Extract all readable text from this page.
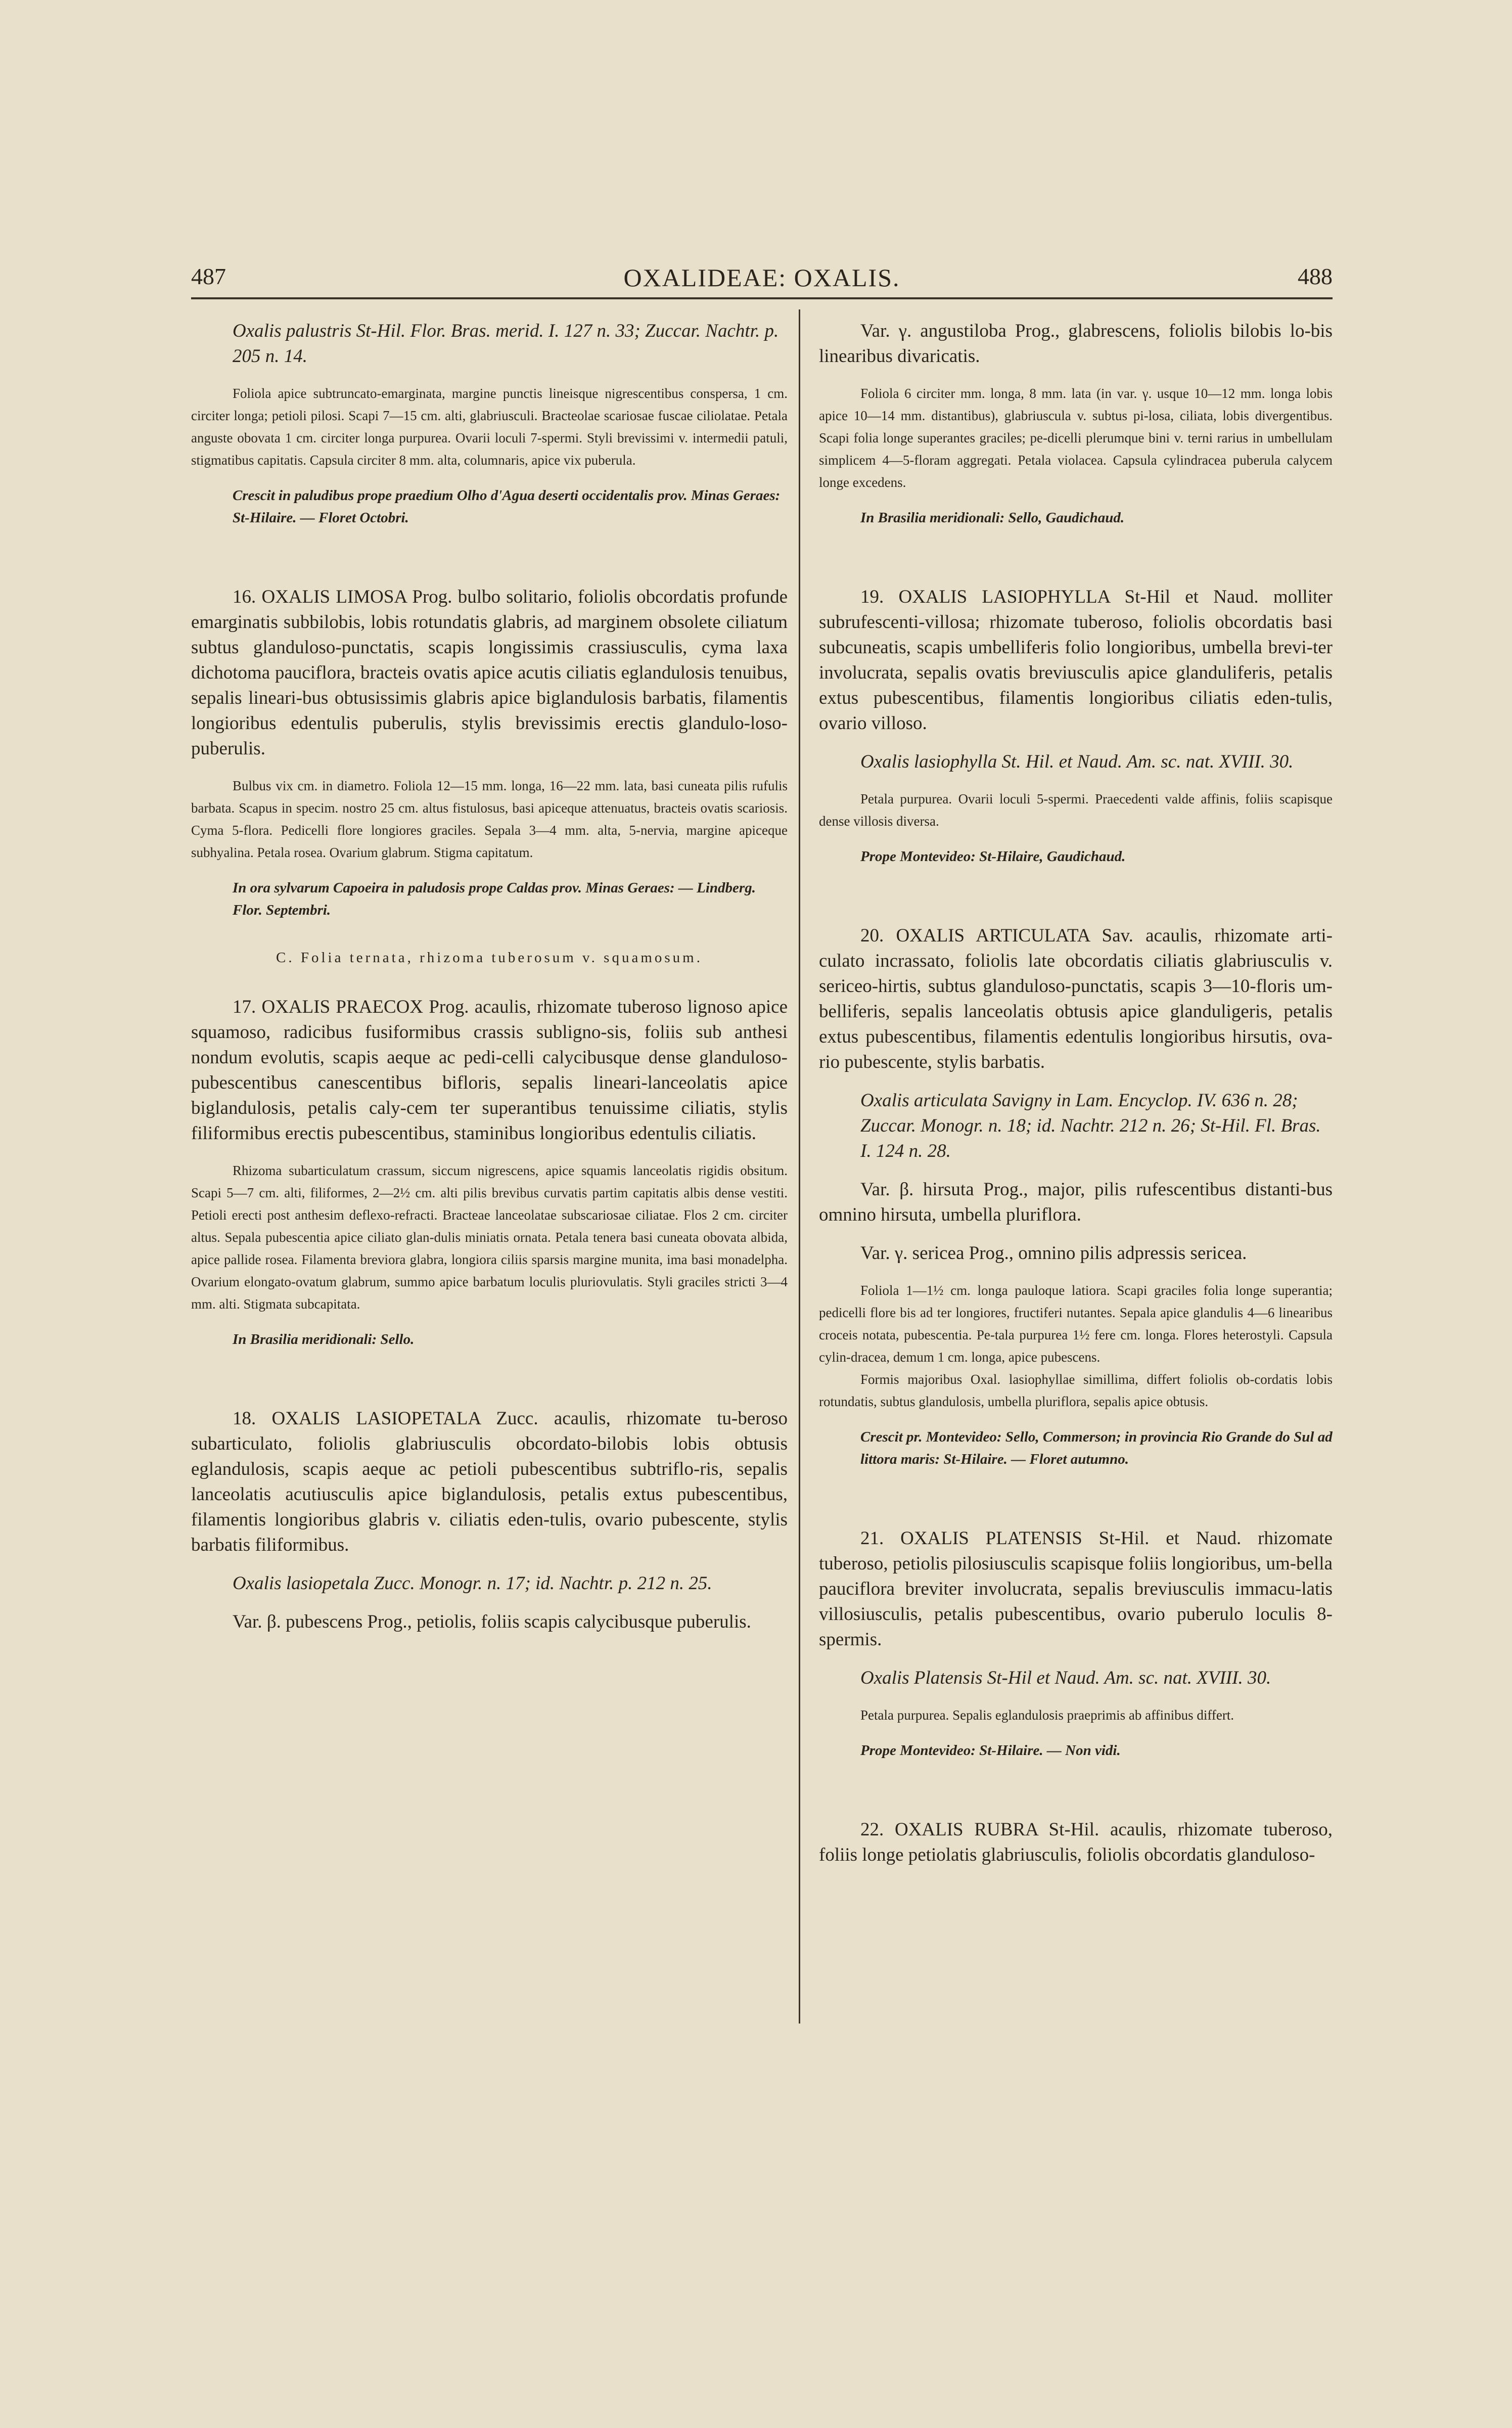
487	OXALIDEAE: OXALIS.	488

Oxalis palustris St-Hil. Flor. Bras. merid. I. 127 n. 33; Zuccar. Nachtr. p. 205 n. 14.

Foliola apice subtruncato-emarginata, margine punctis lineisque nigrescentibus conspersa, 1 cm. circiter longa; petioli pilosi. Scapi 7—15 cm. alti, glabriusculi. Bracteolae scariosae fuscae ciliolatae. Petala anguste obovata 1 cm. circiter longa purpurea. Ovarii loculi 7-spermi. Styli brevissimi v. intermedii patuli, stigmatibus capitatis. Capsula circiter 8 mm. alta, columnaris, apice vix puberula.

Crescit in paludibus prope praedium Olho d'Agua deserti occidentalis prov. Minas Geraes: St-Hilaire. — Floret Octobri.

16. OXALIS LIMOSA Prog. bulbo solitario, foliolis obcordatis profunde emarginatis subbilobis, lobis rotundatis glabris, ad marginem obsolete ciliatum subtus glanduloso-punctatis, scapis longissimis crassiusculis, cyma laxa dichotoma pauciflora, bracteis ovatis apice acutis ciliatis eglandulosis tenuibus, sepalis lineari-bus obtusissimis glabris apice biglandulosis barbatis, filamentis longioribus edentulis puberulis, stylis brevissimis erectis glandulo-loso-puberulis.

Bulbus vix cm. in diametro. Foliola 12—15 mm. longa, 16—22 mm. lata, basi cuneata pilis rufulis barbata. Scapus in specim. nostro 25 cm. altus fistulosus, basi apiceque attenuatus, bracteis ovatis scariosis. Cyma 5-flora. Pedicelli flore longiores graciles. Sepala 3—4 mm. alta, 5-nervia, margine apiceque subhyalina. Petala rosea. Ovarium glabrum. Stigma capitatum.

In ora sylvarum Capoeira in paludosis prope Caldas prov. Minas Geraes: — Lindberg. Flor. Septembri.

C. Folia ternata, rhizoma tuberosum v. squamosum.

17. OXALIS PRAECOX Prog. acaulis, rhizomate tuberoso lignoso apice squamoso, radicibus fusiformibus crassis subligno-sis, foliis sub anthesi nondum evolutis, scapis aeque ac pedi-celli calycibusque dense glanduloso-pubescentibus canescentibus bifloris, sepalis lineari-lanceolatis apice biglandulosis, petalis caly-cem ter superantibus tenuissime ciliatis, stylis filiformibus erectis pubescentibus, staminibus longioribus edentulis ciliatis.

Rhizoma subarticulatum crassum, siccum nigrescens, apice squamis lanceolatis rigidis obsitum. Scapi 5—7 cm. alti, filiformes, 2—2½ cm. alti pilis brevibus curvatis partim capitatis albis dense vestiti. Petioli erecti post anthesim deflexo-refracti. Bracteae lanceolatae subscariosae ciliatae. Flos 2 cm. circiter altus. Sepala pubescentia apice ciliato glan-dulis miniatis ornata. Petala tenera basi cuneata obovata albida, apice pallide rosea. Filamenta breviora glabra, longiora ciliis sparsis margine munita, ima basi monadelpha. Ovarium elongato-ovatum glabrum, summo apice barbatum loculis pluriovulatis. Styli graciles stricti 3—4 mm. alti. Stigmata subcapitata.

In Brasilia meridionali: Sello.

18. OXALIS LASIOPETALA Zucc. acaulis, rhizomate tu-beroso subarticulato, foliolis glabriusculis obcordato-bilobis lobis obtusis eglandulosis, scapis aeque ac petioli pubescentibus subtriflo-ris, sepalis lanceolatis acutiusculis apice biglandulosis, petalis extus pubescentibus, filamentis longioribus glabris v. ciliatis eden-tulis, ovario pubescente, stylis barbatis filiformibus.

Oxalis lasiopetala Zucc. Monogr. n. 17; id. Nachtr. p. 212 n. 25.

Var. β. pubescens Prog., petiolis, foliis scapis calycibusque puberulis.

Var. γ. angustiloba Prog., glabrescens, foliolis bilobis lo-bis linearibus divaricatis.

Foliola 6 circiter mm. longa, 8 mm. lata (in var. γ. usque 10—12 mm. longa lobis apice 10—14 mm. distantibus), glabriuscula v. subtus pi-losa, ciliata, lobis divergentibus. Scapi folia longe superantes graciles; pe-dicelli plerumque bini v. terni rarius in umbellulam simplicem 4—5-floram aggregati. Petala violacea. Capsula cylindracea puberula calycem longe excedens.

In Brasilia meridionali: Sello, Gaudichaud.

19. OXALIS LASIOPHYLLA St-Hil et Naud. molliter subrufescenti-villosa; rhizomate tuberoso, foliolis obcordatis basi subcuneatis, scapis umbelliferis folio longioribus, umbella brevi-ter involucrata, sepalis ovatis breviusculis apice glanduliferis, petalis extus pubescentibus, filamentis longioribus ciliatis eden-tulis, ovario villoso.

Oxalis lasiophylla St. Hil. et Naud. Am. sc. nat. XVIII. 30.

Petala purpurea. Ovarii loculi 5-spermi. Praecedenti valde affinis, foliis scapisque dense villosis diversa.

Prope Montevideo: St-Hilaire, Gaudichaud.

20. OXALIS ARTICULATA Sav. acaulis, rhizomate arti-culato incrassato, foliolis late obcordatis ciliatis glabriusculis v. sericeo-hirtis, subtus glanduloso-punctatis, scapis 3—10-floris um-belliferis, sepalis lanceolatis obtusis apice glanduligeris, petalis extus pubescentibus, filamentis edentulis longioribus hirsutis, ova-rio pubescente, stylis barbatis.

Oxalis articulata Savigny in Lam. Encyclop. IV. 636 n. 28; Zuccar. Monogr. n. 18; id. Nachtr. 212 n. 26; St-Hil. Fl. Bras. I. 124 n. 28.

Var. β. hirsuta Prog., major, pilis rufescentibus distanti-bus omnino hirsuta, umbella pluriflora.

Var. γ. sericea Prog., omnino pilis adpressis sericea.

Foliola 1—1½ cm. longa pauloque latiora. Scapi graciles folia longe superantia; pedicelli flore bis ad ter longiores, fructiferi nutantes. Sepala apice glandulis 4—6 linearibus croceis notata, pubescentia. Pe-tala purpurea 1½ fere cm. longa. Flores heterostyli. Capsula cylin-dracea, demum 1 cm. longa, apice pubescens.

Formis majoribus Oxal. lasiophyllae simillima, differt foliolis ob-cordatis lobis rotundatis, subtus glandulosis, umbella pluriflora, sepalis apice obtusis.

Crescit pr. Montevideo: Sello, Commerson; in provincia Rio Grande do Sul ad littora maris: St-Hilaire. — Floret autumno.

21. OXALIS PLATENSIS St-Hil. et Naud. rhizomate tuberoso, petiolis pilosiusculis scapisque foliis longioribus, um-bella pauciflora breviter involucrata, sepalis breviusculis immacu-latis villosiusculis, petalis pubescentibus, ovario puberulo loculis 8-spermis.

Oxalis Platensis St-Hil et Naud. Am. sc. nat. XVIII. 30.

Petala purpurea. Sepalis eglandulosis praeprimis ab affinibus differt.

Prope Montevideo: St-Hilaire. — Non vidi.

22. OXALIS RUBRA St-Hil. acaulis, rhizomate tuberoso, foliis longe petiolatis glabriusculis, foliolis obcordatis glanduloso-
